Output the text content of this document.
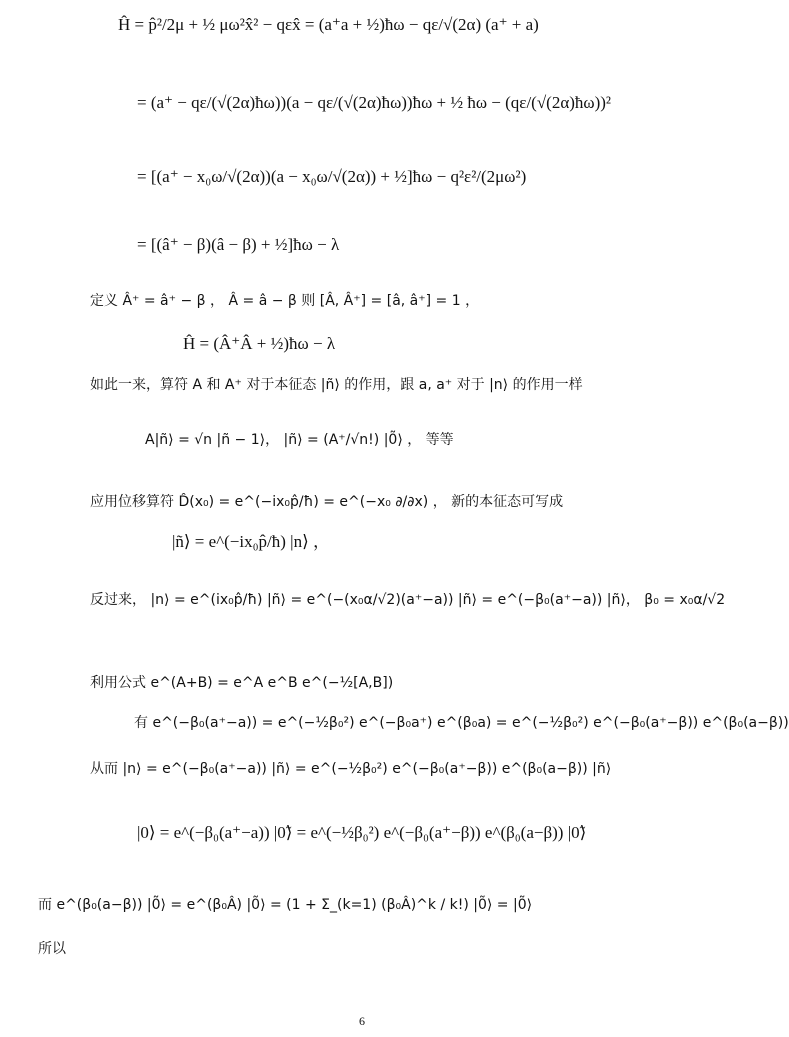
Ĥ = p̂²/2μ + ½ μω²x̂² − qεx̂ = (a⁺a + ½)ħω − qε/√(2α) (a⁺ + a)
= (a⁺ − qε/(√(2α)ħω))(a − qε/(√(2α)ħω))ħω + ½ ħω − (qε/(√(2α)ħω))²
= [(a⁺ − x₀ω/√(2α))(a − x₀ω/√(2α)) + ½]ħω − q²ε²/(2μω²)
= [(â⁺ − β)(â − β) + ½]ħω − λ
定义 Â⁺ = â⁺ − β ， Â = â − β 则 [Â, Â⁺] = [â, â⁺] = 1 ，
Ĥ = (Â⁺Â + ½)ħω − λ
如此一来，算符 A 和 A⁺ 对于本征态 |ñ⟩ 的作用，跟 a, a⁺ 对于 |n⟩ 的作用一样
A|ñ⟩ = √n |ñ − 1⟩， |ñ⟩ = (A⁺/√n!) |0̃⟩ ， 等等
应用位移算符 D̂(x₀) = e^(−ix₀p̂/ħ) = e^(−x₀ ∂/∂x) ， 新的本征态可写成
|ñ⟩ = e^(−ix₀p̂/ħ) |n⟩ ，
反过来， |n⟩ = e^(ix₀p̂/ħ) |ñ⟩ = e^(−(x₀α/√2)(a⁺−a)) |ñ⟩ = e^(−β₀(a⁺−a)) |ñ⟩， β₀ = x₀α/√2
利用公式 e^(A+B) = e^A e^B e^(−½[A,B])
有 e^(−β₀(a⁺−a)) = e^(−½β₀²) e^(−β₀a⁺) e^(β₀a) = e^(−½β₀²) e^(−β₀(a⁺−β)) e^(β₀(a−β))
从而 |n⟩ = e^(−β₀(a⁺−a)) |ñ⟩ = e^(−½β₀²) e^(−β₀(a⁺−β)) e^(β₀(a−β)) |ñ⟩
|0⟩ = e^(−β₀(a⁺−a)) |0̃⟩ = e^(−½β₀²) e^(−β₀(a⁺−β)) e^(β₀(a−β)) |0̃⟩
而 e^(β₀(a−β)) |0̃⟩ = e^(β₀Â) |0̃⟩ = (1 + Σ_(k=1) (β₀Â)^k / k!) |0̃⟩ = |0̃⟩
所以
6
